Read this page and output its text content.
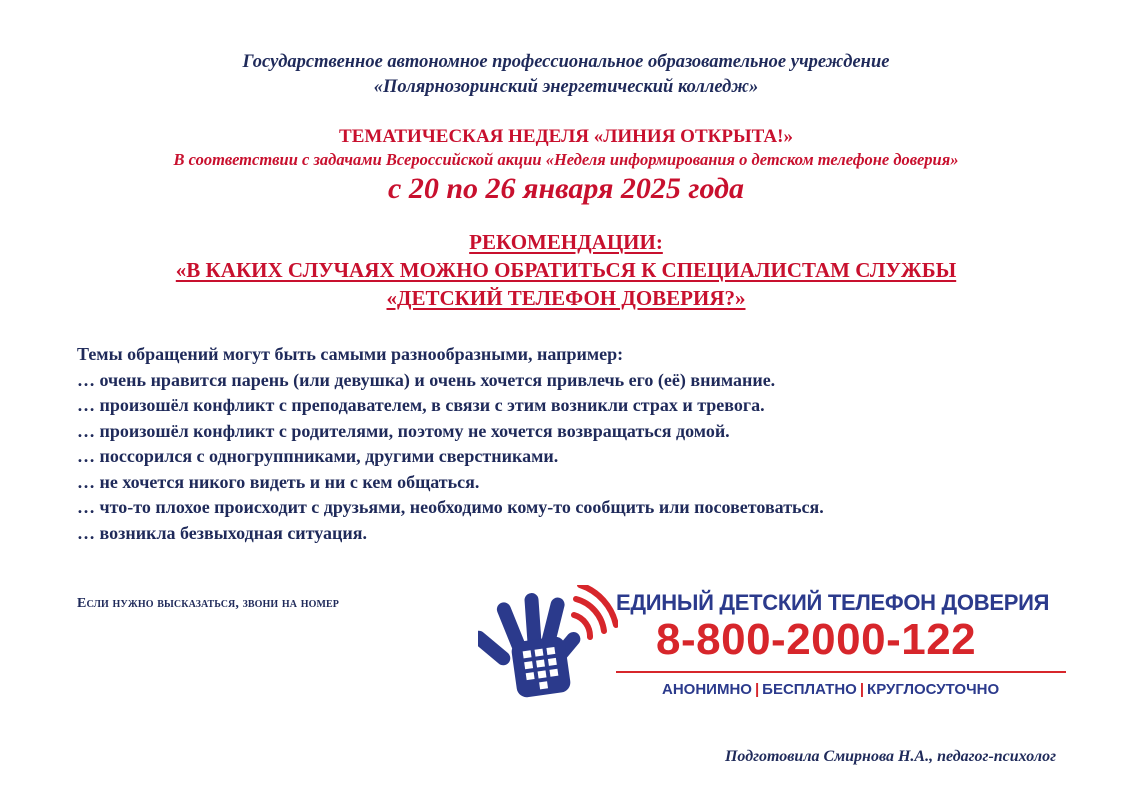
Государственное автономное профессиональное образовательное учреждение
«Полярнозоринский энергетический колледж»
ТЕМАТИЧЕСКАЯ НЕДЕЛЯ «ЛИНИЯ ОТКРЫТА!»
В соответствии с задачами Всероссийской акции «Неделя информирования о детском телефоне доверия»
с 20 по 26 января 2025 года
РЕКОМЕНДАЦИИ:
«В КАКИХ СЛУЧАЯХ МОЖНО ОБРАТИТЬСЯ К СПЕЦИАЛИСТАМ СЛУЖБЫ
«ДЕТСКИЙ ТЕЛЕФОН ДОВЕРИЯ?»
Темы обращений могут быть самыми разнообразными, например:
… очень нравится парень (или девушка) и очень хочется привлечь его (её) внимание.
… произошёл конфликт с преподавателем, в связи с этим возникли страх и тревога.
… произошёл конфликт с родителями, поэтому не хочется возвращаться домой.
… поссорился с одногруппниками, другими сверстниками.
… не хочется никого видеть и ни с кем общаться.
… что-то плохое происходит с друзьями, необходимо кому-то сообщить или посоветоваться.
… возникла безвыходная ситуация.
Если нужно высказаться, звони на номер	ЕДИНЫЙ ДЕТСКИЙ ТЕЛЕФОН ДОВЕРИЯ
8-800-2000-122
АНОНИМНО | БЕСПЛАТНО | КРУГЛОСУТОЧНО
Подготовила Смирнова Н.А., педагог-психолог
